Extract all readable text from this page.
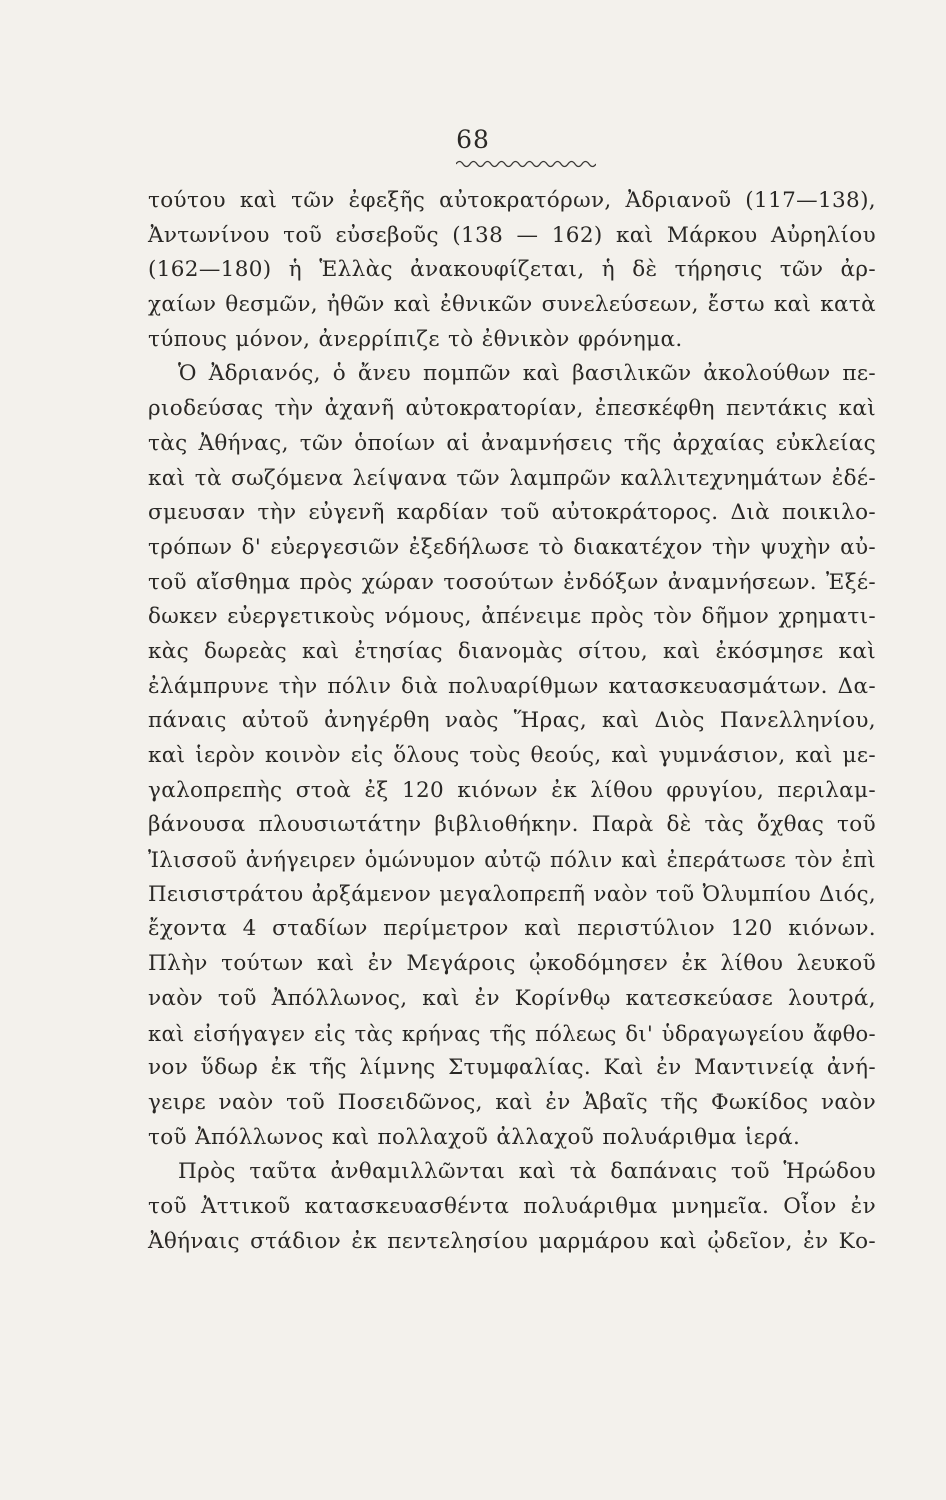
68
τούτου καὶ τῶν ἐφεξῆς αὐτοκρατόρων, Ἀδριανοῦ (117—138),
Ἀντωνίνου τοῦ εὐσεβοῦς (138 — 162) καὶ Μάρκου Αὐρηλίου
(162—180) ἡ Ἑλλὰς ἀνακουφίζεται, ἡ δὲ τήρησις τῶν ἀρ-
χαίων θεσμῶν, ἠθῶν καὶ ἐθνικῶν συνελεύσεων, ἔστω καὶ κατὰ
τύπους μόνον, ἀνερρίπιζε τὸ ἐθνικὸν φρόνημα.
Ὁ Ἀδριανός, ὁ ἄνευ πομπῶν καὶ βασιλικῶν ἀκολούθων πε-
ριοδεύσας τὴν ἀχανῆ αὐτοκρατορίαν, ἐπεσκέφθη πεντάκις καὶ
τὰς Ἀθήνας, τῶν ὁποίων αἱ ἀναμνήσεις τῆς ἀρχαίας εὐκλείας
καὶ τὰ σωζόμενα λείψανα τῶν λαμπρῶν καλλιτεχνημάτων ἐδέ-
σμευσαν τὴν εὐγενῆ καρδίαν τοῦ αὐτοκράτορος. Διὰ ποικιλο-
τρόπων δ' εὐεργεσιῶν ἐξεδήλωσε τὸ διακατέχον τὴν ψυχὴν αὐ-
τοῦ αἴσθημα πρὸς χώραν τοσούτων ἐνδόξων ἀναμνήσεων. Ἐξέ-
δωκεν εὐεργετικοὺς νόμους, ἀπένειμε πρὸς τὸν δῆμον χρηματι-
κὰς δωρεὰς καὶ ἐτησίας διανομὰς σίτου, καὶ ἐκόσμησε καὶ
ἐλάμπρυνε τὴν πόλιν διὰ πολυαρίθμων κατασκευασμάτων. Δα-
πάναις αὐτοῦ ἀνηγέρθη ναὸς Ἥρας, καὶ Διὸς Πανελληνίου,
καὶ ἱερὸν κοινὸν εἰς ὅλους τοὺς θεούς, καὶ γυμνάσιον, καὶ με-
γαλοπρεπὴς στοὰ ἐξ 120 κιόνων ἐκ λίθου φρυγίου, περιλαμ-
βάνουσα πλουσιωτάτην βιβλιοθήκην. Παρὰ δὲ τὰς ὄχθας τοῦ
Ἰλισσοῦ ἀνήγειρεν ὁμώνυμον αὐτῷ πόλιν καὶ ἐπεράτωσε τὸν ἐπὶ
Πεισιστράτου ἀρξάμενον μεγαλοπρεπῆ ναὸν τοῦ Ὀλυμπίου Διός,
ἔχοντα 4 σταδίων περίμετρον καὶ περιστύλιον 120 κιόνων.
Πλὴν τούτων καὶ ἐν Μεγάροις ᾠκοδόμησεν ἐκ λίθου λευκοῦ
ναὸν τοῦ Ἀπόλλωνος, καὶ ἐν Κορίνθῳ κατεσκεύασε λουτρά,
καὶ εἰσήγαγεν εἰς τὰς κρήνας τῆς πόλεως δι' ὑδραγωγείου ἄφθο-
νον ὕδωρ ἐκ τῆς λίμνης Στυμφαλίας. Καὶ ἐν Μαντινείᾳ ἀνή-
γειρε ναὸν τοῦ Ποσειδῶνος, καὶ ἐν Ἀβαῖς τῆς Φωκίδος ναὸν
τοῦ Ἀπόλλωνος καὶ πολλαχοῦ ἀλλαχοῦ πολυάριθμα ἱερά.
Πρὸς ταῦτα ἀνθαμιλλῶνται καὶ τὰ δαπάναις τοῦ Ἡρώδου
τοῦ Ἀττικοῦ κατασκευασθέντα πολυάριθμα μνημεῖα. Οἷον ἐν
Ἀθήναις στάδιον ἐκ πεντελησίου μαρμάρου καὶ ᾠδεῖον, ἐν Κο-
